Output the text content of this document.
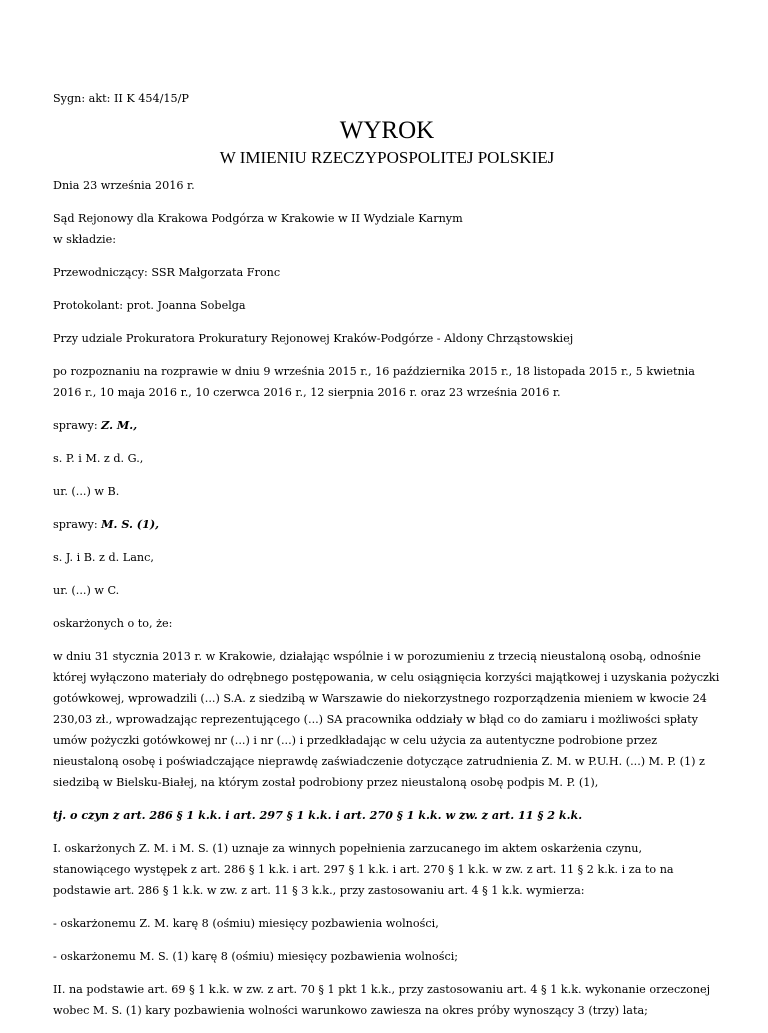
Sygn: akt: II K 454/15/P

WYROK
W IMIENIU RZECZYPOSPOLITEJ POLSKIEJ

Dnia 23 września 2016 r.

Sąd Rejonowy dla Krakowa Podgórza w Krakowie w II Wydziale Karnym
w składzie:

Przewodniczący: SSR Małgorzata Fronc

Protokolant: prot. Joanna Sobelga

Przy udziale Prokuratora Prokuratury Rejonowej Kraków-Podgórze - Aldony Chrząstowskiej

po rozpoznaniu na rozprawie w dniu 9 września 2015 r., 16 października 2015 r., 18 listopada 2015 r., 5 kwietnia 2016 r., 10 maja 2016 r., 10 czerwca 2016 r., 12 sierpnia 2016 r. oraz 23 września 2016 r.

sprawy: Z. M.,

s. P. i M. z d. G.,

ur. (...) w B.

sprawy: M. S. (1),

s. J. i B. z d. Lanc,

ur. (...) w C.

oskarżonych o to, że:

w dniu 31 stycznia 2013 r. w Krakowie, działając wspólnie i w porozumieniu z trzecią nieustaloną osobą, odnośnie której wyłączono materiały do odrębnego postępowania, w celu osiągnięcia korzyści majątkowej i uzyskania pożyczki gotówkowej, wprowadzili (...) S.A. z siedzibą w Warszawie do niekorzystnego rozporządzenia mieniem w kwocie 24 230,03 zł., wprowadzając reprezentującego (...) SA pracownika oddziały w błąd co do zamiaru i możliwości spłaty umów pożyczki gotówkowej nr (...) i nr (...) i przedkładając w celu użycia za autentyczne podrobione przez nieustaloną osobę i poświadczające nieprawdę zaświadczenie dotyczące zatrudnienia Z. M. w P.U.H. (...) M. P. (1) z siedzibą w Bielsku-Białej, na którym został podrobiony przez nieustaloną osobę podpis M. P. (1),

tj. o czyn z art. 286 § 1 k.k. i art. 297 § 1 k.k. i art. 270 § 1 k.k. w zw. z art. 11 § 2 k.k.

I. oskarżonych Z. M. i M. S. (1) uznaje za winnych popełnienia zarzucanego im aktem oskarżenia czynu, stanowiącego występek z art. 286 § 1 k.k. i art. 297 § 1 k.k. i art. 270 § 1 k.k. w zw. z art. 11 § 2 k.k. i za to na podstawie art. 286 § 1 k.k. w zw. z art. 11 § 3 k.k., przy zastosowaniu art. 4 § 1 k.k. wymierza:

- oskarżonemu Z. M. karę 8 (ośmiu) miesięcy pozbawienia wolności,

- oskarżonemu M. S. (1) karę 8 (ośmiu) miesięcy pozbawienia wolności;

II. na podstawie art. 69 § 1 k.k. w zw. z art. 70 § 1 pkt 1 k.k., przy zastosowaniu art. 4 § 1 k.k. wykonanie orzeczonej wobec M. S. (1) kary pozbawienia wolności warunkowo zawiesza na okres próby wynoszący 3 (trzy) lata;
